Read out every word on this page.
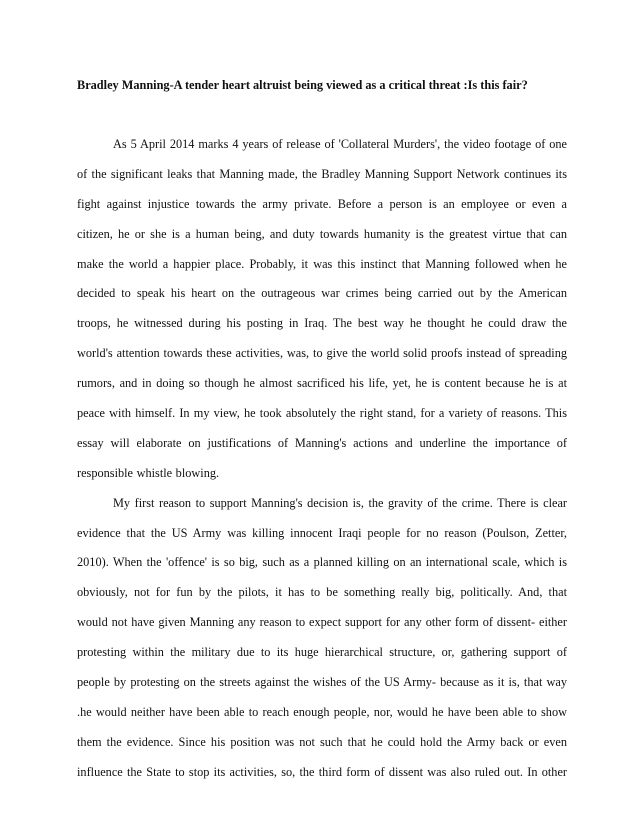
Bradley Manning-A tender heart altruist being viewed as a critical threat :Is this fair?
As 5 April 2014 marks 4 years of release of 'Collateral Murders', the video footage of one
of the significant leaks that Manning made, the Bradley Manning Support Network continues its
fight against injustice towards the army private. Before a person is an employee or even a
citizen, he or she is a human being, and duty towards humanity is the greatest virtue that can
make the world a happier place. Probably, it was this instinct that Manning followed when he
decided to speak his heart on the outrageous war crimes being carried out by the American
troops, he witnessed during his posting in Iraq. The best way he thought he could draw the
world's attention towards these activities, was, to give the world solid proofs instead of spreading
rumors, and in doing so though he almost sacrificed his life, yet, he is content because he is at
peace with himself. In my view, he took absolutely the right stand, for a variety of reasons. This
essay will elaborate on justifications of Manning's actions and underline the importance of
responsible whistle blowing.
My first reason to support Manning's decision is, the gravity of the crime. There is clear
evidence that the US Army was killing innocent Iraqi people for no reason (Poulson, Zetter,
2010). When the 'offence' is so big, such as a planned killing on an international scale, which is
obviously, not for fun by the pilots, it has to be something really big, politically. And, that
would not have given Manning any reason to expect support for any other form of dissent- either
protesting within the military due to its huge hierarchical structure, or, gathering support of
people by protesting on the streets against the wishes of the US Army- because as it is, that way
.he would neither have been able to reach enough people, nor, would he have been able to show
them the evidence. Since his position was not such that he could hold the Army back or even
influence the State to stop its activities, so, the third form of dissent was also ruled out. In other
